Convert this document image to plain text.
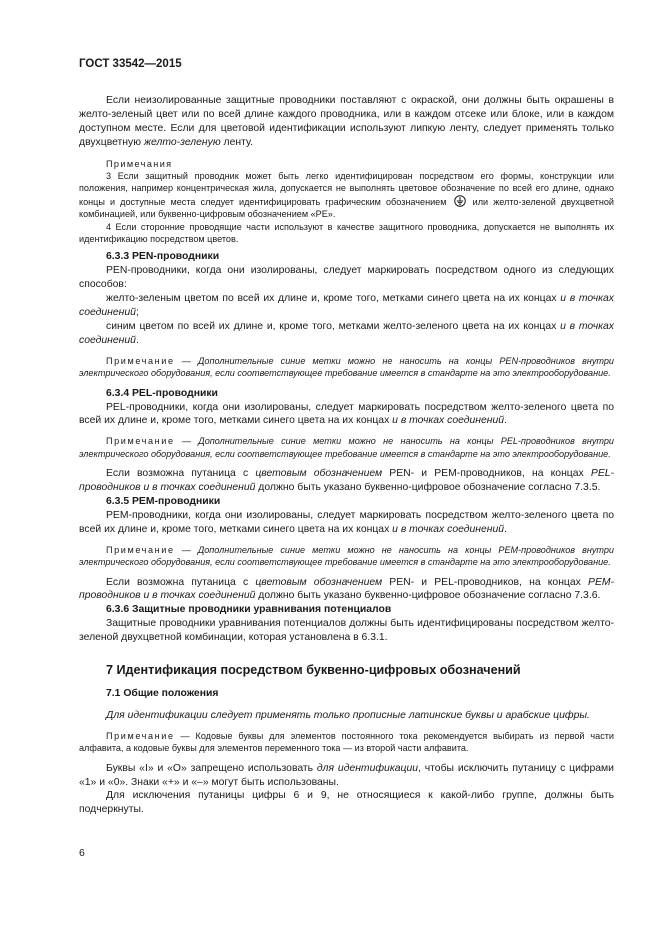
ГОСТ 33542—2015

Если неизолированные защитные проводники поставляют с окраской, они должны быть окрашены в желто-зеленый цвет или по всей длине каждого проводника, или в каждом отсеке или блоке, или в каждом доступном месте. Если для цветовой идентификации используют липкую ленту, следует применять только двухцветную желто-зеленую ленту.

Примечания

3 Если защитный проводник может быть легко идентифицирован посредством его формы, конструкции или положения, например концентрическая жила, допускается не выполнять цветовое обозначение по всей его длине, однако концы и доступные места следует идентифицировать графическим обозначением	или желто-зеленой двухцветной комбинацией, или буквенно-цифровым обозначением «PE».

4 Если сторонние проводящие части используют в качестве защитного проводника, допускается не выполнять их идентификацию посредством цветов.

6.3.3 PEN-проводники

PEN-проводники, когда они изолированы, следует маркировать посредством одного из следующих способов:

желто-зеленым цветом по всей их длине и, кроме того, метками синего цвета на их концах и в точках соединений;

синим цветом по всей их длине и, кроме того, метками желто-зеленого цвета на их концах и в точках соединений.

Примечание — Дополнительные синие метки можно не наносить на концы PEN-проводников внутри электрического оборудования, если соответствующее требование имеется в стандарте на это электрооборудование.

6.3.4 PEL-проводники

PEL-проводники, когда они изолированы, следует маркировать посредством желто-зеленого цвета по всей их длине и, кроме того, метками синего цвета на их концах и в точках соединений.

Примечание — Дополнительные синие метки можно не наносить на концы PEL-проводников внутри электрического оборудования, если соответствующее требование имеется в стандарте на это электрооборудование.

Если возможна путаница с цветовым обозначением PEN- и PEM-проводников, на концах PEL-проводников и в точках соединений должно быть указано буквенно-цифровое обозначение согласно 7.3.5.

6.3.5 PEM-проводники

PEM-проводники, когда они изолированы, следует маркировать посредством желто-зеленого цвета по всей их длине и, кроме того, метками синего цвета на их концах и в точках соединений.

Примечание — Дополнительные синие метки можно не наносить на концы PEM-проводников внутри электрического оборудования, если соответствующее требование имеется в стандарте на это электрооборудование.

Если возможна путаница с цветовым обозначением PEN- и PEL-проводников, на концах PEM-проводников и в точках соединений должно быть указано буквенно-цифровое обозначение согласно 7.3.6.

6.3.6 Защитные проводники уравнивания потенциалов

Защитные проводники уравнивания потенциалов должны быть идентифицированы посредством желто-зеленой двухцветной комбинации, которая установлена в 6.3.1.

7 Идентификация посредством буквенно-цифровых обозначений
7.1 Общие положения

Для идентификации следует применять только прописные латинские буквы и арабские цифры.

Примечание — Кодовые буквы для элементов постоянного тока рекомендуется выбирать из первой части алфавита, а кодовые буквы для элементов переменного тока — из второй части алфавита.

Буквы «I» и «O» запрещено использовать для идентификации, чтобы исключить путаницу с цифрами «1» и «0». Знаки «+» и «–» могут быть использованы.

Для исключения путаницы цифры 6 и 9, не относящиеся к какой-либо группе, должны быть подчеркнуты.

6
